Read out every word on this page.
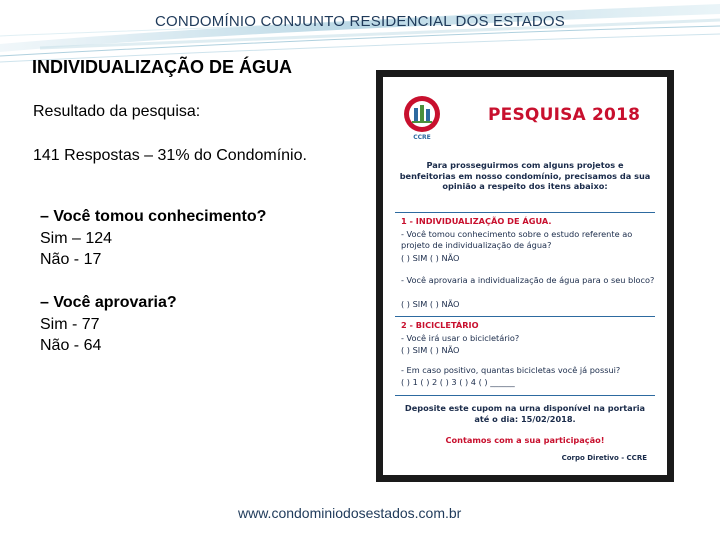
CONDOMÍNIO CONJUNTO RESIDENCIAL DOS ESTADOS
INDIVIDUALIZAÇÃO DE ÁGUA
Resultado da pesquisa:
141 Respostas – 31% do Condomínio.
– Você tomou conhecimento?
Sim – 124
Não - 17
– Você aprovaria?
Sim - 77
Não - 64
CCRE
PESQUISA 2018
Para prosseguirmos com alguns projetos e benfeitorias em nosso condomínio, precisamos da sua opinião a respeito dos itens abaixo:
1 - INDIVIDUALIZAÇÃO DE ÁGUA.
- Você tomou conhecimento sobre o estudo referente ao projeto de individualização de água?
( ) SIM ( ) NÃO
- Você aprovaria a individualização de água para o seu bloco?
( ) SIM ( ) NÃO
2 - BICICLETÁRIO
- Você irá usar o bicicletário?
( ) SIM ( ) NÃO
- Em caso positivo, quantas bicicletas você já possui?
( ) 1 ( ) 2 ( ) 3 ( ) 4 ( ) ______
Deposite este cupom na urna disponível na portaria até o dia: 15/02/2018.
Contamos com a sua participação!
Corpo Diretivo - CCRE
www.condominiodosestados.com.br
